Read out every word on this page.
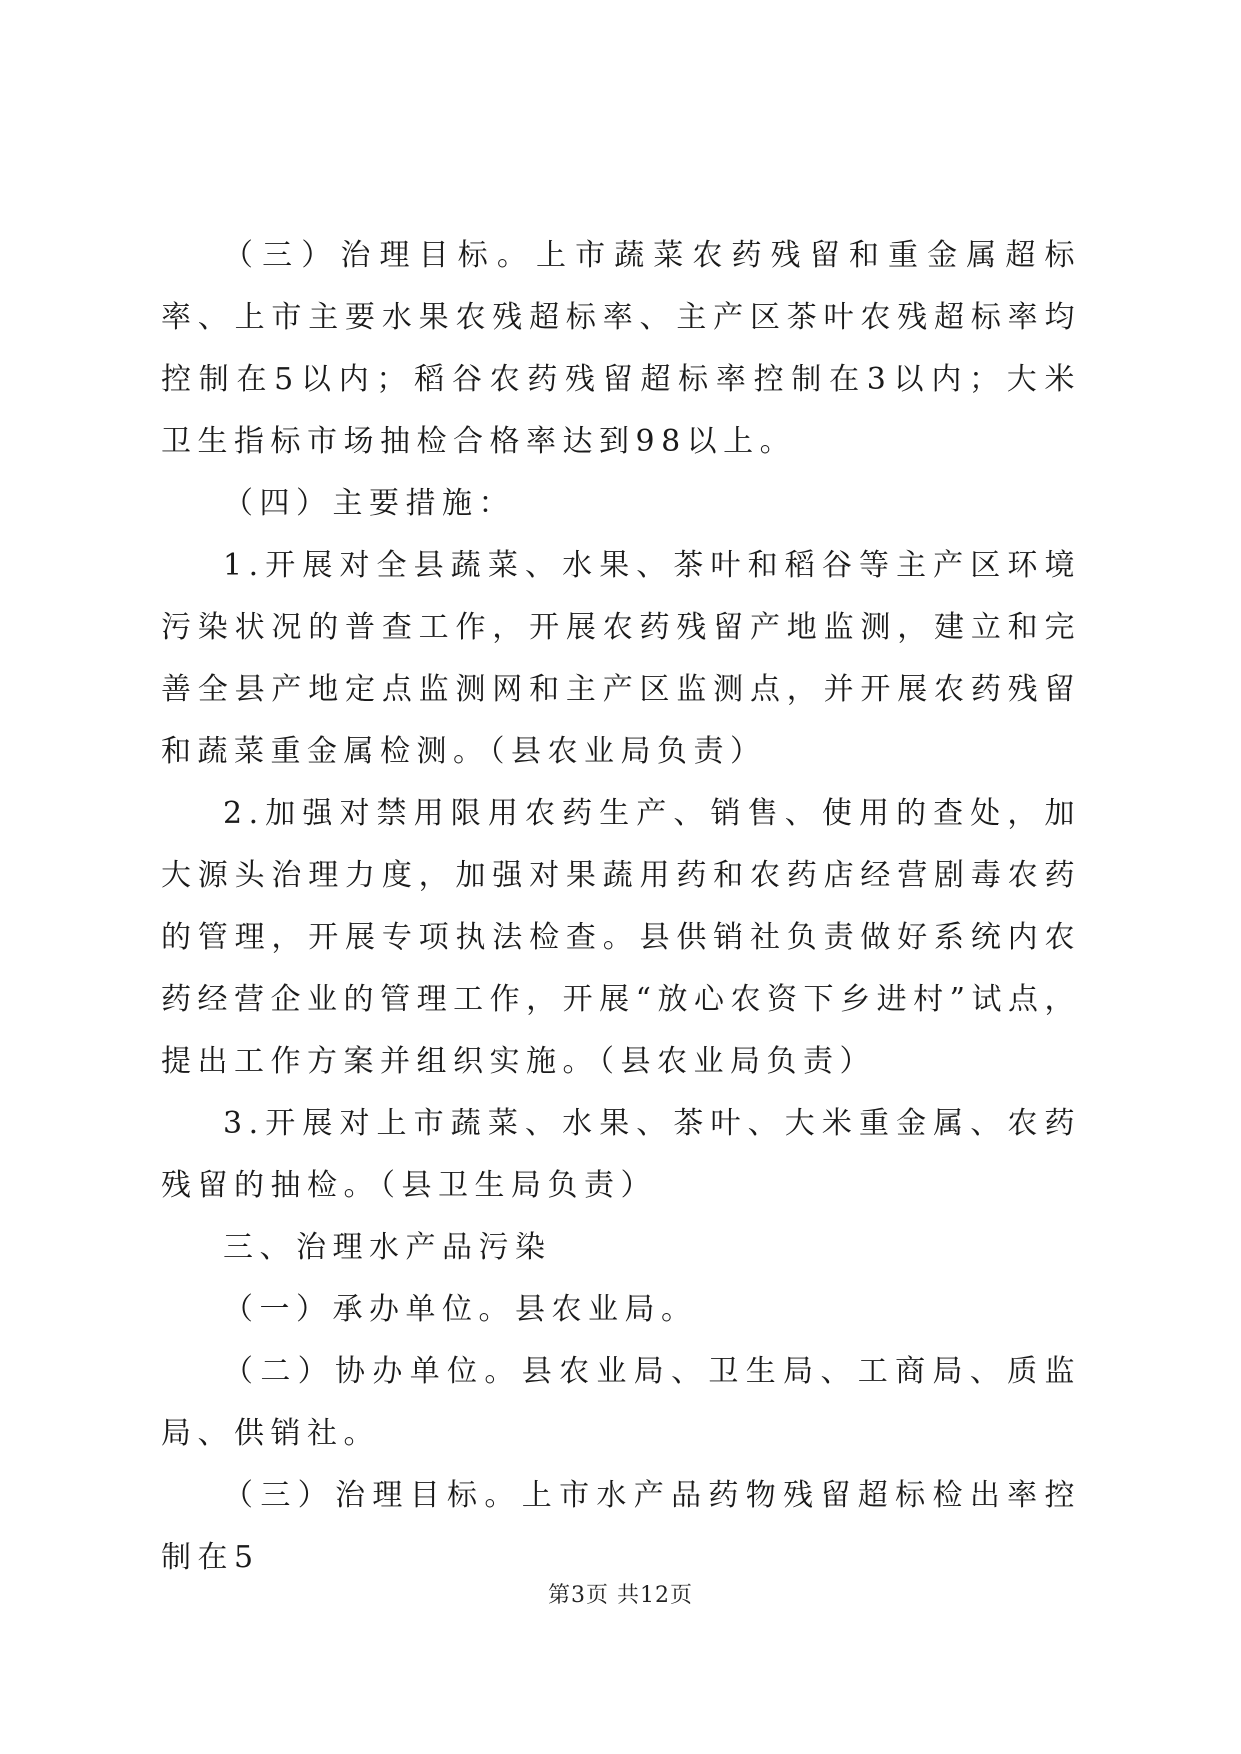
（三）治理目标。上市蔬菜农药残留和重金属超标率、上市主要水果农残超标率、主产区茶叶农残超标率均控制在5以内；稻谷农药残留超标率控制在3以内；大米卫生指标市场抽检合格率达到98以上。

（四）主要措施：

1.开展对全县蔬菜、水果、茶叶和稻谷等主产区环境污染状况的普查工作，开展农药残留产地监测，建立和完善全县产地定点监测网和主产区监测点，并开展农药残留和蔬菜重金属检测。（县农业局负责）

2.加强对禁用限用农药生产、销售、使用的查处，加大源头治理力度，加强对果蔬用药和农药店经营剧毒农药的管理，开展专项执法检查。县供销社负责做好系统内农药经营企业的管理工作，开展“放心农资下乡进村”试点，提出工作方案并组织实施。（县农业局负责）

3.开展对上市蔬菜、水果、茶叶、大米重金属、农药残留的抽检。（县卫生局负责）

三、治理水产品污染

（一）承办单位。县农业局。

（二）协办单位。县农业局、卫生局、工商局、质监局、供销社。

（三）治理目标。上市水产品药物残留超标检出率控制在5

第3页 共12页
